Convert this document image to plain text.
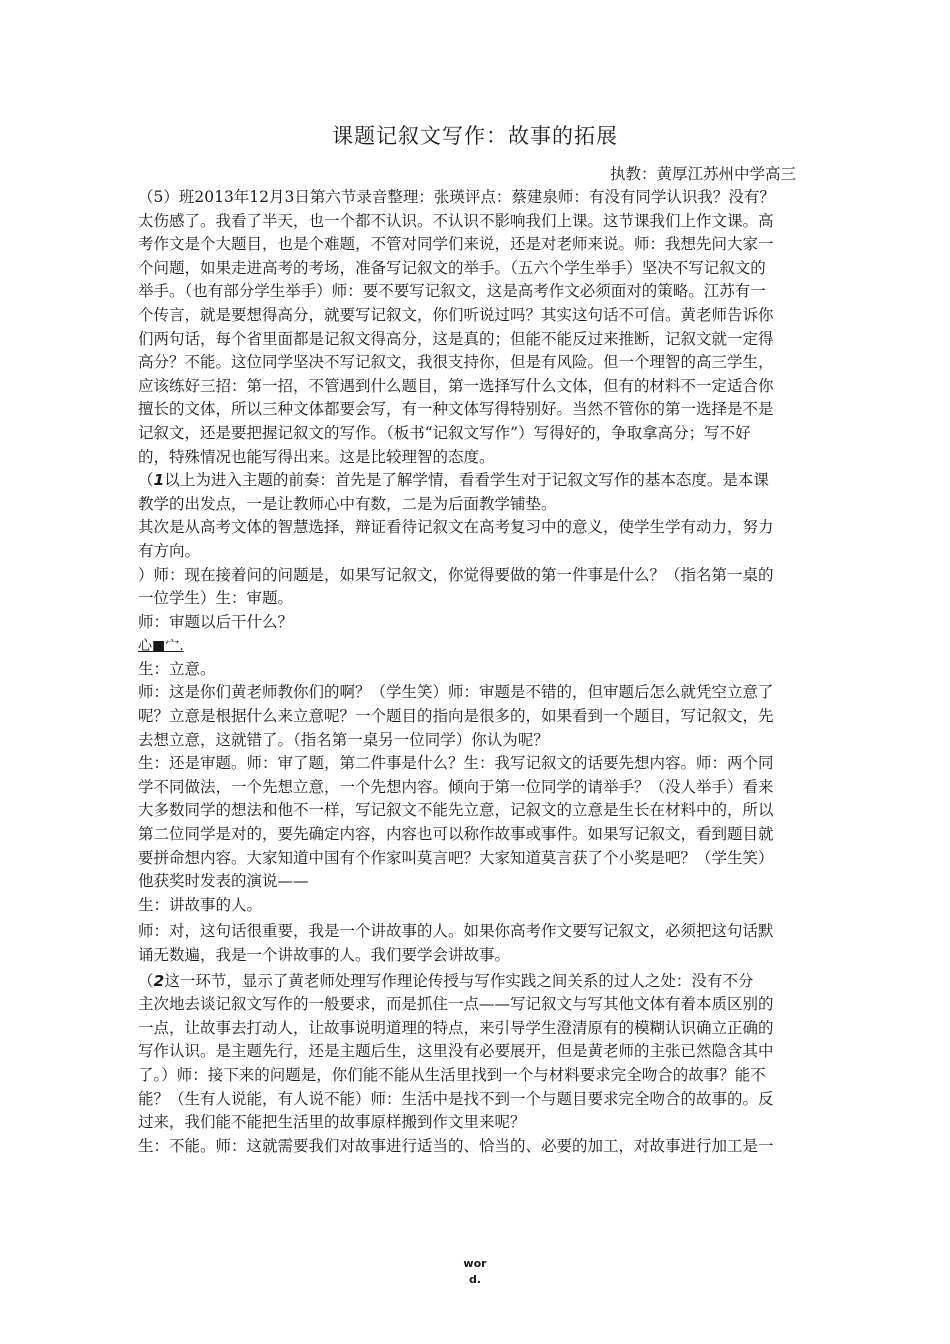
课题记叙文写作：故事的拓展
执教：黄厚江苏州中学高三
（5）班2013年12月3日第六节录音整理：张瑛评点：蔡建泉师：有没有同学认识我？没有？
太伤感了。我看了半天，也一个都不认识。不认识不影响我们上课。这节课我们上作文课。高
考作文是个大题目，也是个难题，不管对同学们来说，还是对老师来说。师：我想先问大家一
个问题，如果走进高考的考场，准备写记叙文的举手。（五六个学生举手）坚决不写记叙文的
举手。（也有部分学生举手）师：要不要写记叙文，这是高考作文必须面对的策略。江苏有一
个传言，就是要想得高分，就要写记叙文，你们听说过吗？其实这句话不可信。黄老师告诉你
们两句话，每个省里面都是记叙文得高分，这是真的；但能不能反过来推断，记叙文就一定得
高分？不能。这位同学坚决不写记叙文，我很支持你，但是有风险。但一个理智的高三学生，
应该练好三招：第一招，不管遇到什么题目，第一选择写什么文体，但有的材料不一定适合你
擅长的文体，所以三种文体都要会写，有一种文体写得特别好。当然不管你的第一选择是不是
记叙文，还是要把握记叙文的写作。（板书“记叙文写作”）写得好的，争取拿高分；写不好
的，特殊情况也能写得出来。这是比较理智的态度。
（1以上为进入主题的前奏：首先是了解学情，看看学生对于记叙文写作的基本态度。是本课
教学的出发点，一是让教师心中有数，二是为后面教学铺垫。
其次是从高考文体的智慧选择，辩证看待记叙文在高考复习中的意义，使学生学有动力，努力
有方向。
）师：现在接着问的问题是，如果写记叙文，你觉得要做的第一件事是什么？（指名第一桌的
一位学生）生：审题。
师：审题以后干什么？
心■宀.
生：立意。
师：这是你们黄老师教你们的啊？（学生笑）师：审题是不错的，但审题后怎么就凭空立意了
呢？立意是根据什么来立意呢？一个题目的指向是很多的，如果看到一个题目，写记叙文，先
去想立意，这就错了。（指名第一桌另一位同学）你认为呢？
生：还是审题。师：审了题，第二件事是什么？生：我写记叙文的话要先想内容。师：两个同
学不同做法，一个先想立意，一个先想内容。倾向于第一位同学的请举手？（没人举手）看来
大多数同学的想法和他不一样，写记叙文不能先立意，记叙文的立意是生长在材料中的，所以
第二位同学是对的，要先确定内容，内容也可以称作故事或事件。如果写记叙文，看到题目就
要拼命想内容。大家知道中国有个作家叫莫言吧？大家知道莫言获了个小奖是吧？（学生笑）
他获奖时发表的演说——
生：讲故事的人。
师：对，这句话很重要，我是一个讲故事的人。如果你高考作文要写记叙文，必须把这句话默
诵无数遍，我是一个讲故事的人。我们要学会讲故事。
（2这一环节，显示了黄老师处理写作理论传授与写作实践之间关系的过人之处：没有不分
主次地去谈记叙文写作的一般要求，而是抓住一点——写记叙文与写其他文体有着本质区别的
一点，让故事去打动人，让故事说明道理的特点，来引导学生澄清原有的模糊认识确立正确的
写作认识。是主题先行，还是主题后生，这里没有必要展开，但是黄老师的主张已然隐含其中
了。）师：接下来的问题是，你们能不能从生活里找到一个与材料要求完全吻合的故事？能不
能？（生有人说能，有人说不能）师：生活中是找不到一个与题目要求完全吻合的故事的。反
过来，我们能不能把生活里的故事原样搬到作文里来呢？
生：不能。师：这就需要我们对故事进行适当的、恰当的、必要的加工，对故事进行加工是一
wor
d.
